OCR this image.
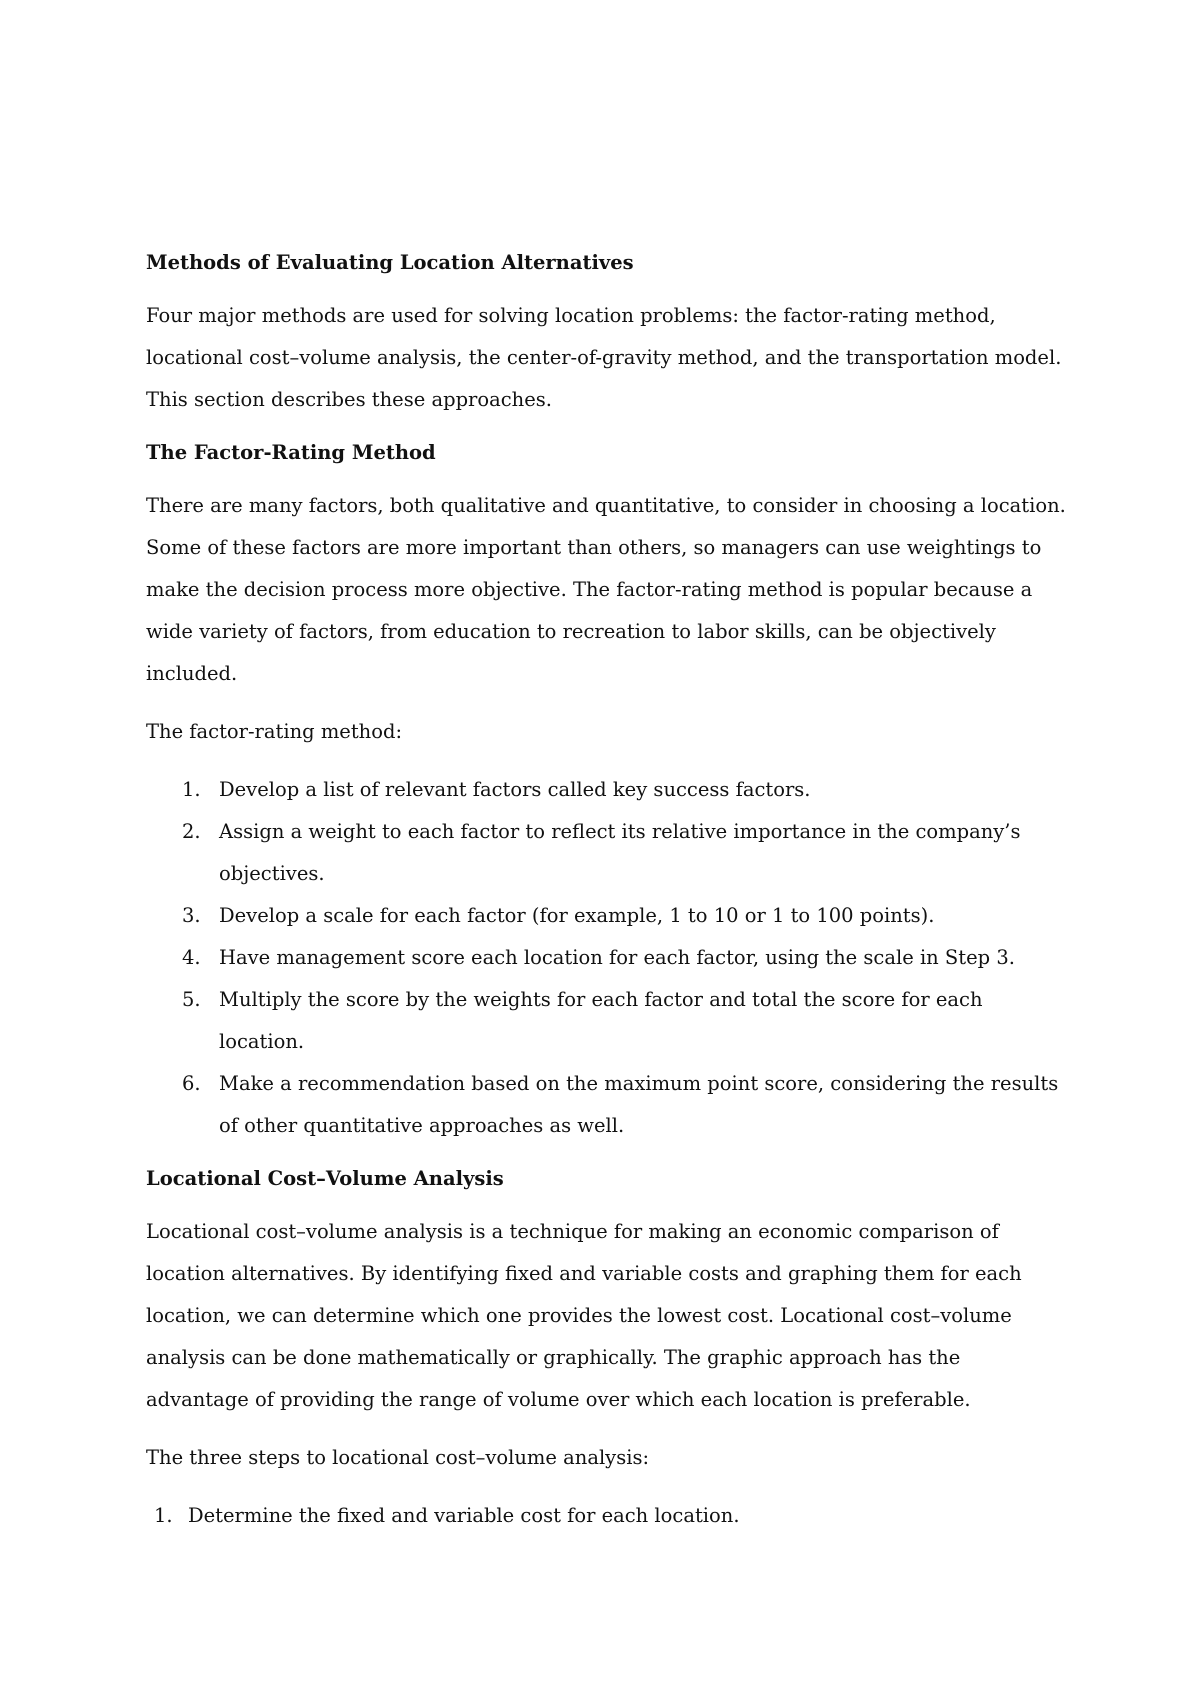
Methods of Evaluating Location Alternatives

Four major methods are used for solving location problems: the factor-rating method, locational cost–volume analysis, the center-of-gravity method, and the transportation model. This section describes these approaches.

The Factor-Rating Method

There are many factors, both qualitative and quantitative, to consider in choosing a location. Some of these factors are more important than others, so managers can use weightings to make the decision process more objective. The factor-rating method is popular because a wide variety of factors, from education to recreation to labor skills, can be objectively included.

The factor-rating method:

1. Develop a list of relevant factors called key success factors.
2. Assign a weight to each factor to reflect its relative importance in the company’s objectives.
3. Develop a scale for each factor (for example, 1 to 10 or 1 to 100 points).
4. Have management score each location for each factor, using the scale in Step 3.
5. Multiply the score by the weights for each factor and total the score for each location.
6. Make a recommendation based on the maximum point score, considering the results of other quantitative approaches as well.
Locational Cost–Volume Analysis

Locational cost–volume analysis is a technique for making an economic comparison of location alternatives. By identifying fixed and variable costs and graphing them for each location, we can determine which one provides the lowest cost. Locational cost–volume analysis can be done mathematically or graphically. The graphic approach has the advantage of providing the range of volume over which each location is preferable.

The three steps to locational cost–volume analysis:

1. Determine the fixed and variable cost for each location.
